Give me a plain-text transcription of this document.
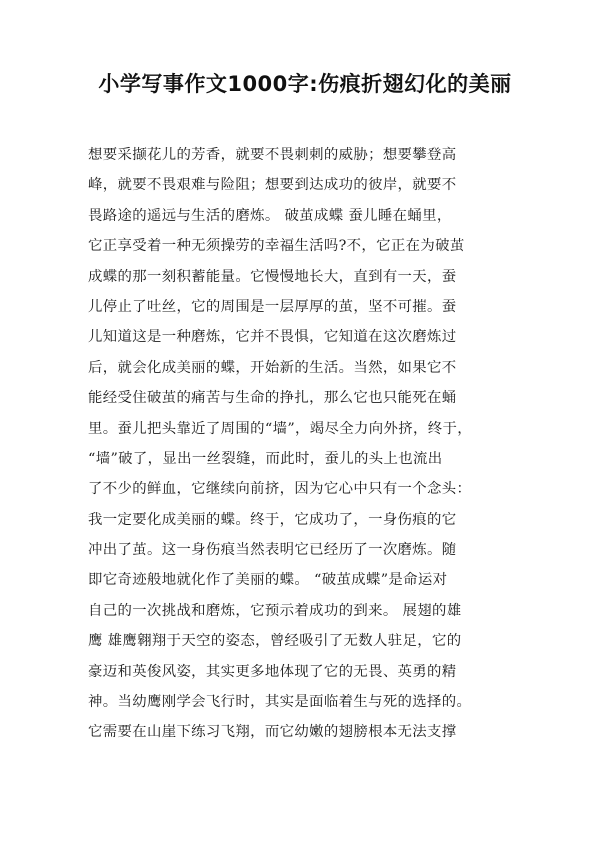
小学写事作文1000字:伤痕折翅幻化的美丽
想要采撷花儿的芳香，就要不畏刺刺的威胁；想要攀登高
峰，就要不畏艰难与险阻；想要到达成功的彼岸，就要不
畏路途的遥远与生活的磨炼。 破茧成蝶 蚕儿睡在蛹里，
它正享受着一种无须操劳的幸福生活吗?不，它正在为破茧
成蝶的那一刻积蓄能量。它慢慢地长大，直到有一天，蚕
儿停止了吐丝，它的周围是一层厚厚的茧，坚不可摧。蚕
儿知道这是一种磨炼，它并不畏惧，它知道在这次磨炼过
后，就会化成美丽的蝶，开始新的生活。当然，如果它不
能经受住破茧的痛苦与生命的挣扎，那么它也只能死在蛹
里。蚕儿把头靠近了周围的“墙”，竭尽全力向外挤，终于，
“墙”破了，显出一丝裂缝，而此时，蚕儿的头上也流出
了不少的鲜血，它继续向前挤，因为它心中只有一个念头：
我一定要化成美丽的蝶。终于，它成功了，一身伤痕的它
冲出了茧。这一身伤痕当然表明它已经历了一次磨炼。随
即它奇迹般地就化作了美丽的蝶。 “破茧成蝶”是命运对
自己的一次挑战和磨炼，它预示着成功的到来。 展翅的雄
鹰 雄鹰翱翔于天空的姿态，曾经吸引了无数人驻足，它的
豪迈和英俊风姿，其实更多地体现了它的无畏、英勇的精
神。当幼鹰刚学会飞行时，其实是面临着生与死的选择的。
它需要在山崖下练习飞翔，而它幼嫩的翅膀根本无法支撑
